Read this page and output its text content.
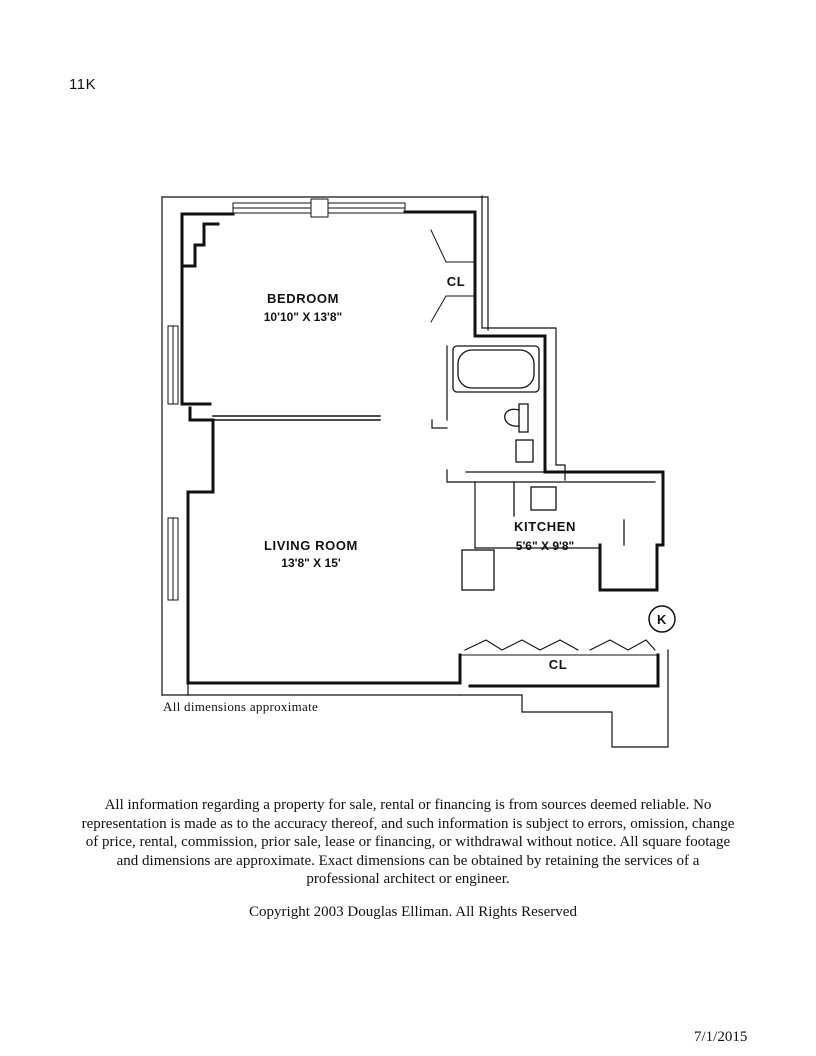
11K
BEDROOM
10'10" X 13'8"
LIVING ROOM
13'8" X 15'
KITCHEN
5'6" X 9'8"
CL
CL
K
All dimensions approximate
All information regarding a property for sale, rental or financing is from sources deemed reliable. No representation is made as to the accuracy thereof, and such information is subject to errors, omission, change of price, rental, commission, prior sale, lease or financing, or withdrawal without notice. All square footage and dimensions are approximate. Exact dimensions can be obtained by retaining the services of a professional architect or engineer.
Copyright 2003 Douglas Elliman. All Rights Reserved
7/1/2015
